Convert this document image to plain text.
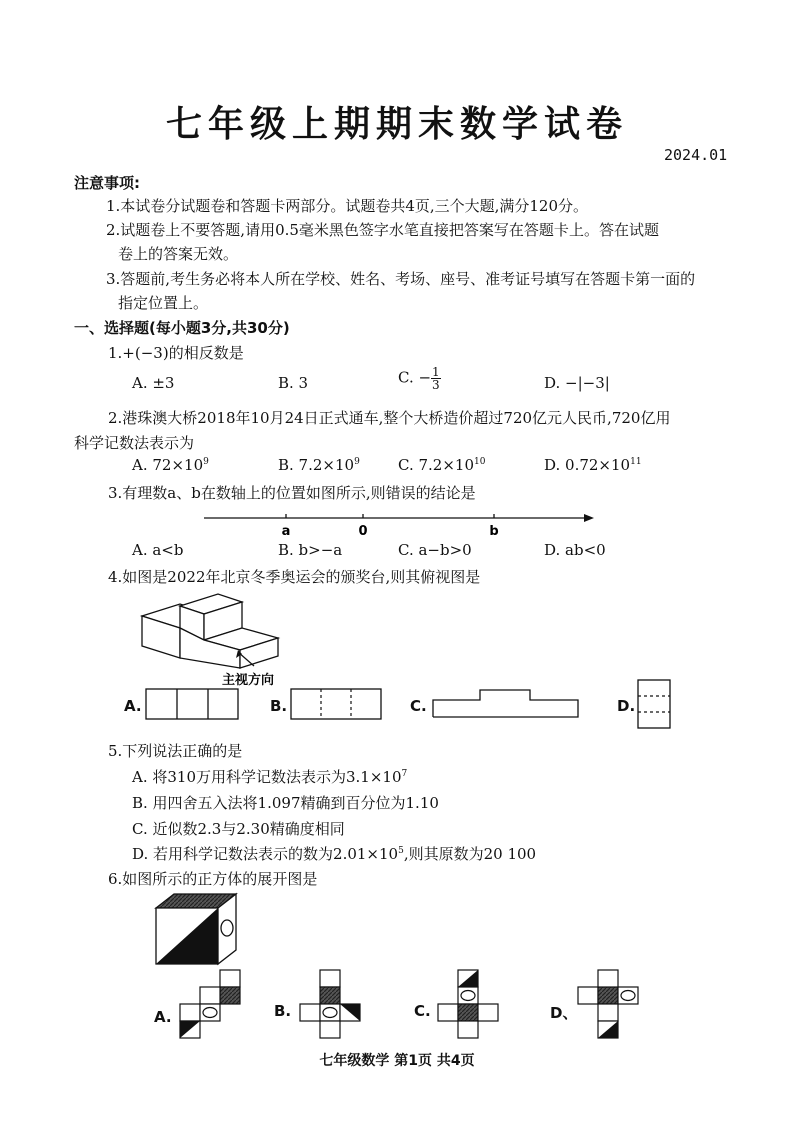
七年级上期期末数学试卷
2024.01
注意事项:
1.本试卷分试题卷和答题卡两部分。试题卷共4页,三个大题,满分120分。
2.试题卷上不要答题,请用0.5毫米黑色签字水笔直接把答案写在答题卡上。答在试题
卷上的答案无效。
3.答题前,考生务必将本人所在学校、姓名、考场、座号、准考证号填写在答题卡第一面的
指定位置上。
一、选择题(每小题3分,共30分)
1.+(−3)的相反数是
A. ±3	B. 3	C. − $\frac{1}{3}$	D. −|−3|
2.港珠澳大桥2018年10月24日正式通车,整个大桥造价超过720亿元人民币,720亿用
科学记数法表示为
A. $72\times 10^9$	B. $7.2\times 10^9$	C. $7.2\times 10^{10}$	D. $0.72\times 10^{11}$
3.有理数a、b在数轴上的位置如图所示,则错误的结论是
a	0	b
A. a<b	B. b>−a	C. a−b>0	D. ab<0
4.如图是2022年北京冬季奥运会的颁奖台,则其俯视图是
主视方向
A.	B.	C.	D.
5.下列说法正确的是
A. 将310万用科学记数法表示为$3.1\times 10^7$
B. 用四舍五入法将1.097精确到百分位为1.10
C. 近似数2.3与2.30精确度相同
D. 若用科学记数法表示的数为$2.01\times 10^5$,则其原数为20 100
6.如图所示的正方体的展开图是
A.	B.	C.	D、
七年级数学 第1页 共4页
